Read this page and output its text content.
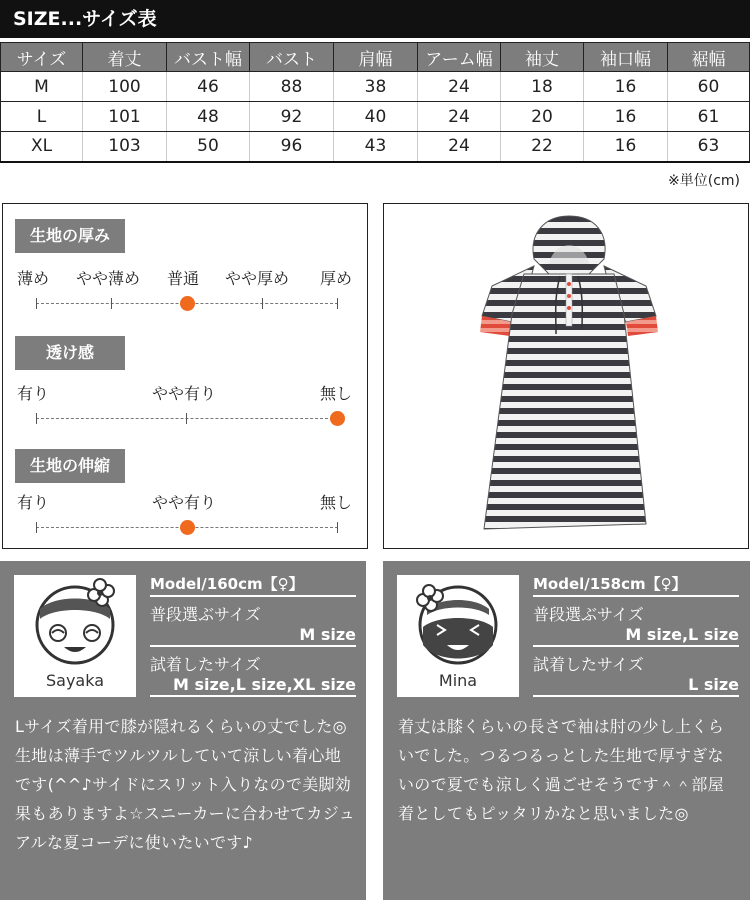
SIZE...サイズ表
サイズ	着丈	バスト幅	バスト	肩幅	アーム幅	袖丈	袖口幅	裾幅
M	100	46	88	38	24	18	16	60
L	101	48	92	40	24	20	16	61
XL	103	50	96	43	24	22	16	63
※単位(cm)
生地の厚み
薄め やや薄め 普通 やや厚め 厚め
透け感
有り	やや有り	無し
生地の伸縮
有り	やや有り	無し
Sayaka
Model/160cm【♀】
普段選ぶサイズ
M size
試着したサイズ
M size,L size,XL size
Lサイズ着用で膝が隠れるくらいの丈でした◎生地は薄手でツルツルしていて涼しい着心地です(^^♪サイドにスリット入りなので美脚効果もありますよ☆スニーカーに合わせてカジュアルな夏コーデに使いたいです♪
Mina
Model/158cm【♀】
普段選ぶサイズ
M size,L size
試着したサイズ
L size
着丈は膝くらいの長さで袖は肘の少し上くらいでした。つるつるっとした生地で厚すぎないので夏でも涼しく過ごせそうです＾＾部屋着としてもピッタリかなと思いました◎
